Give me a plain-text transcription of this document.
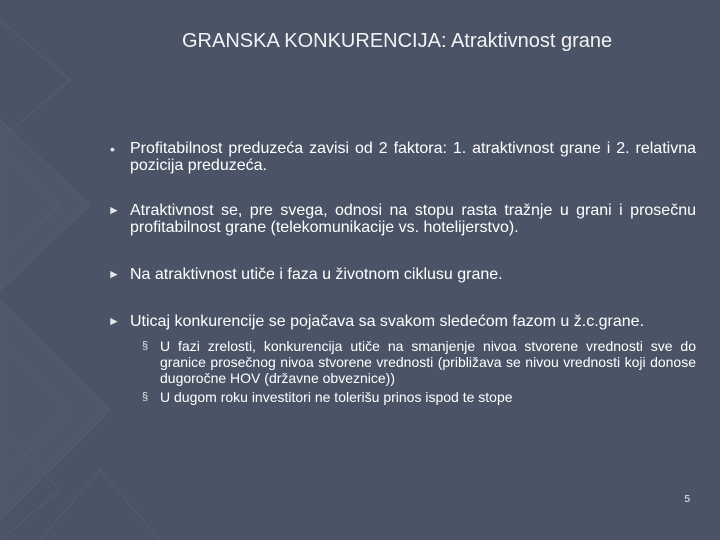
GRANSKA KONKURENCIJA: Atraktivnost grane
• Profitabilnost preduzeća zavisi od 2 faktora: 1. atraktivnost grane i 2. relativna pozicija preduzeća.
► Atraktivnost se, pre svega, odnosi na stopu rasta tražnje u grani i prosečnu profitabilnost grane (telekomunikacije vs. hotelijerstvo).
► Na atraktivnost utiče i faza u životnom ciklusu grane.
► Uticaj konkurencije se pojačava sa svakom sledećom fazom u ž.c.grane.
§ U fazi zrelosti, konkurencija utiče na smanjenje nivoa stvorene vrednosti sve do granice prosečnog nivoa stvorene vrednosti (približava se nivou vrednosti koji donose dugoročne HOV (državne obveznice))
§ U dugom roku investitori ne tolerišu prinos ispod te stope
5
